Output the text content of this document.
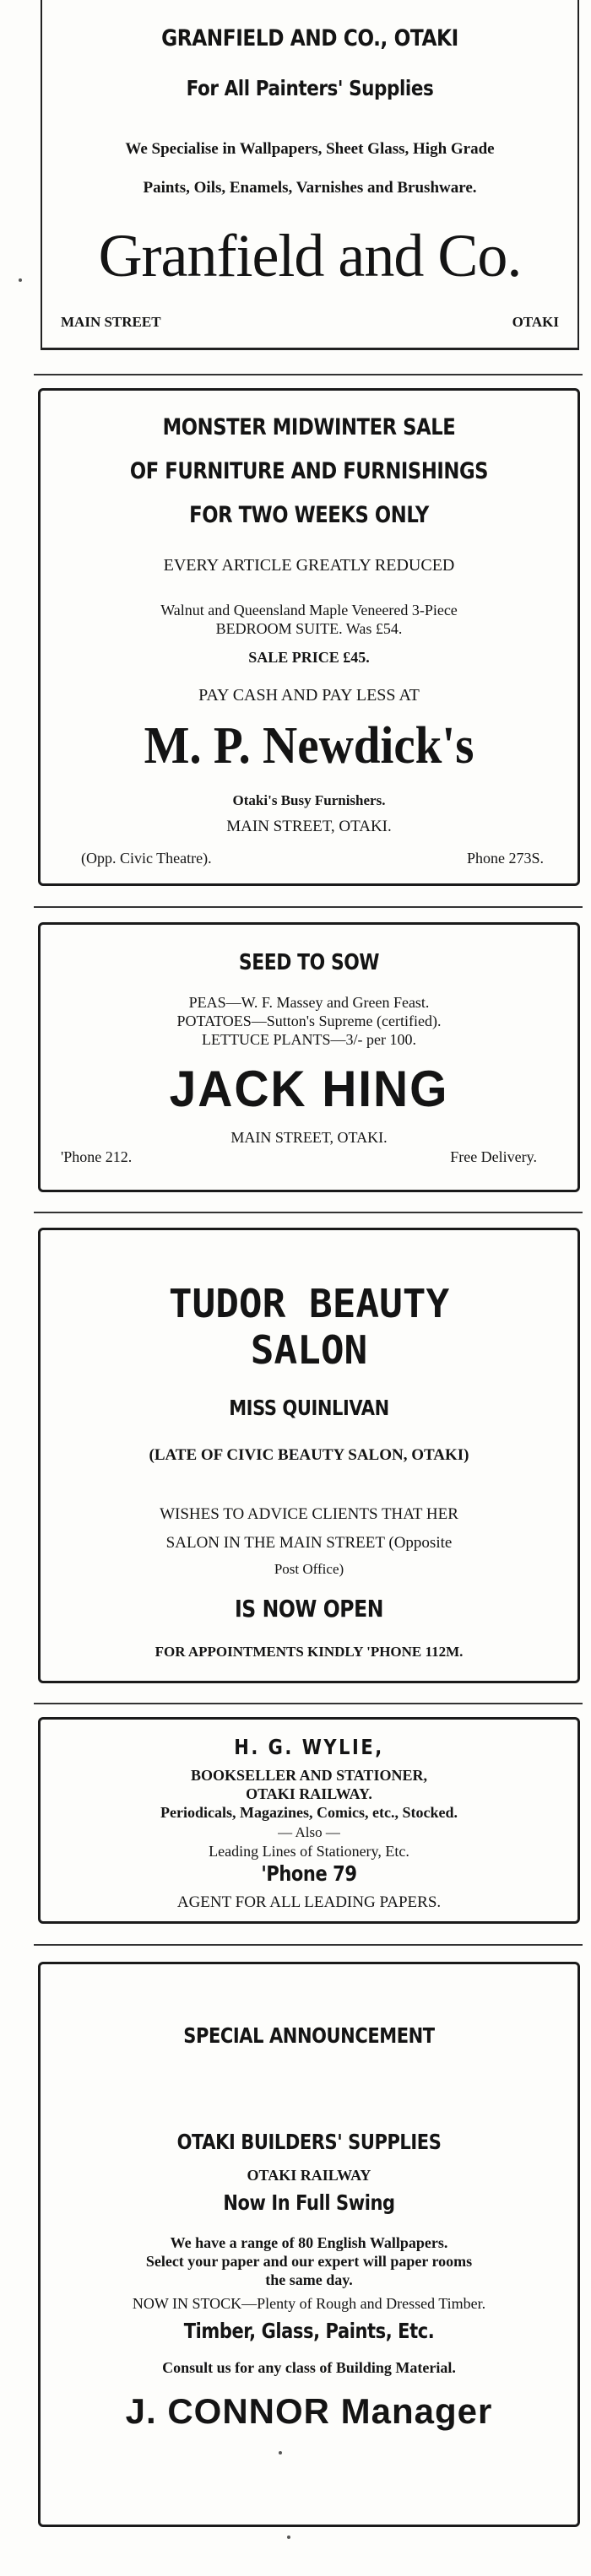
GRANFIELD AND CO., OTAKI
For All Painters' Supplies
We Specialise in Wallpapers, Sheet Glass, High Grade
Paints, Oils, Enamels, Varnishes and Brushware.
Granfield and Co.
MAIN STREET	OTAKI
MONSTER MIDWINTER SALE
OF FURNITURE AND FURNISHINGS
FOR TWO WEEKS ONLY
EVERY ARTICLE GREATLY REDUCED
Walnut and Queensland Maple Veneered 3-Piece
BEDROOM SUITE. Was £54.
SALE PRICE £45.
PAY CASH AND PAY LESS AT
M. P. Newdick's
Otaki's Busy Furnishers.
MAIN STREET, OTAKI.
(Opp. Civic Theatre).	Phone 273S.
SEED TO SOW
PEAS—W. F. Massey and Green Feast.
POTATOES—Sutton's Supreme (certified).
LETTUCE PLANTS—3/- per 100.
JACK HING
MAIN STREET, OTAKI.
'Phone 212.	Free Delivery.
TUDOR BEAUTY
SALON
MISS QUINLIVAN
(LATE OF CIVIC BEAUTY SALON, OTAKI)
WISHES TO ADVICE CLIENTS THAT HER
SALON IN THE MAIN STREET (Opposite
Post Office)
IS NOW OPEN
FOR APPOINTMENTS KINDLY 'PHONE 112M.
H. G. WYLIE,
BOOKSELLER AND STATIONER,
OTAKI RAILWAY.
Periodicals, Magazines, Comics, etc., Stocked.
— Also —
Leading Lines of Stationery, Etc.
'Phone 79
AGENT FOR ALL LEADING PAPERS.
SPECIAL ANNOUNCEMENT
OTAKI BUILDERS' SUPPLIES
OTAKI RAILWAY
Now In Full Swing
We have a range of 80 English Wallpapers.
Select your paper and our expert will paper rooms
the same day.
NOW IN STOCK—Plenty of Rough and Dressed Timber.
Timber, Glass, Paints, Etc.
Consult us for any class of Building Material.
J. CONNOR Manager
